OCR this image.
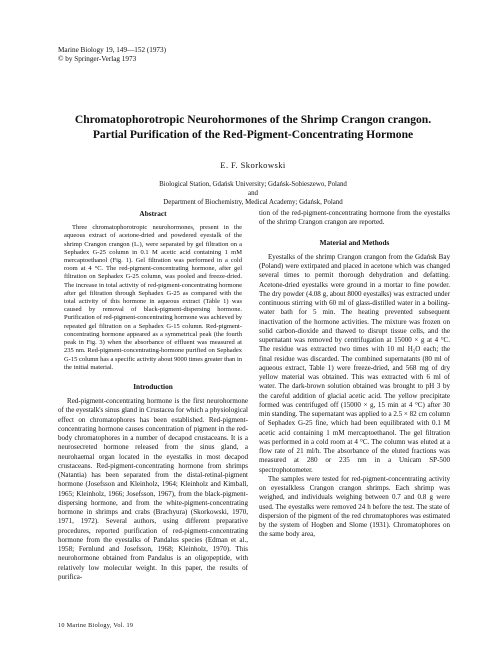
Marine Biology 19, 149—152 (1973)
© by Springer-Verlag 1973
Chromatophorotropic Neurohormones of the Shrimp Crangon crangon.
Partial Purification of the Red-Pigment-Concentrating Hormone
E. F. Skorkowski
Biological Station, Gdańsk University; Gdańsk-Sobieszewo, Poland
and
Department of Biochemistry, Medical Academy; Gdańsk, Poland
Abstract

Three chromatophorotropic neurohormones, present in the aqueous extract of acetone-dried and powdered eyestalk of the shrimp Crangon crangon (L.), were separated by gel filtration on a Sephadex G-25 column in 0.1 M acetic acid containing 1 mM mercaptoethanol (Fig. 1). Gel filtration was performed in a cold room at 4 °C. The red-pigment-concentrating hormone, after gel filtration on Sephadex G-25 column, was pooled and freeze-dried. The increase in total activity of red-pigment-concentrating hormone after gel filtration through Sephadex G-25 as compared with the total activity of this hormone in aqueous extract (Table 1) was caused by removal of black-pigment-dispersing hormone. Purification of red-pigment-concentrating hormone was achieved by repeated gel filtration on a Sephadex G-15 column. Red-pigment-concentrating hormone appeared as a symmetrical peak (the fourth peak in Fig. 3) when the absorbance of effluent was measured at 235 nm. Red-pigment-concentrating-hormone purified on Sephadex G-15 column has a specific activity about 9000 times greater than in the initial material.

Introduction

Red-pigment-concentrating hormone is the first neurohormone of the eyestalk's sinus gland in Crustacea for which a physiological effect on chromatophores has been established. Red-pigment-concentrating hormone causes concentration of pigment in the red-body chromatophores in a number of decapod crustaceans. It is a neurosecreted hormone released from the sinus gland, a neurohaemal organ located in the eyestalks in most decapod crustaceans. Red-pigment-concentrating hormone from shrimps (Natantia) has been separated from the distal-retinal-pigment hormone (Josefsson and Kleinholz, 1964; Kleinholz and Kimball, 1965; Kleinholz, 1966; Josefsson, 1967), from the black-pigment-dispersing hormone, and from the white-pigment-concentrating hormone in shrimps and crabs (Brachyura) (Skorkowski, 1970, 1971, 1972). Several authors, using different preparative procedures, reported purification of red-pigment-concentrating hormone from the eyestalks of Pandalus species (Edman et al., 1958; Fernlund and Josefsson, 1968; Kleinholz, 1970). This neurohormone obtained from Pandalus is an oligopeptide, with relatively low molecular weight. In this paper, the results of purifica-

tion of the red-pigment-concentrating hormone from the eyestalks of the shrimp Crangon crangon are reported.

Material and Methods

Eyestalks of the shrimp Crangon crangon from the Gdańsk Bay (Poland) were extirpated and placed in acetone which was changed several times to permit thorough dehydration and defatting. Acetone-dried eyestalks were ground in a mortar to fine powder. The dry powder (4.08 g, about 8000 eyestalks) was extracted under continuous stirring with 60 ml of glass-distilled water in a boiling-water bath for 5 min. The heating prevented subsequent inactivation of the hormone activities. The mixture was frozen on solid carbon-dioxide and thawed to disrupt tissue cells, and the supernatant was removed by centrifugation at 15000 × g at 4 °C. The residue was extracted two times with 10 ml H₂O each; the final residue was discarded. The combined supernatants (80 ml of aqueous extract, Table 1) were freeze-dried, and 568 mg of dry yellow material was obtained. This was extracted with 6 ml of water. The dark-brown solution obtained was brought to pH 3 by the careful addition of glacial acetic acid. The yellow precipitate formed was centrifuged off (15000 × g, 15 min at 4 °C) after 30 min standing. The supernatant was applied to a 2.5 × 82 cm column of Sephadex G-25 fine, which had been equilibrated with 0.1 M acetic acid containing 1 mM mercaptoethanol. The gel filtration was performed in a cold room at 4 °C. The column was eluted at a flow rate of 21 ml/h. The absorbance of the eluted fractions was measured at 280 or 235 nm in a Unicam SP-500 spectrophotometer.

The samples were tested for red-pigment-concentrating activity on eyestalkless Crangon crangon shrimps. Each shrimp was weighed, and individuals weighing between 0.7 and 0.8 g were used. The eyestalks were removed 24 h before the test. The state of dispersion of the pigment of the red chromatophores was estimated by the system of Hogben and Slome (1931). Chromatophores on the same body area,

10 Marine Biology, Vol. 19
